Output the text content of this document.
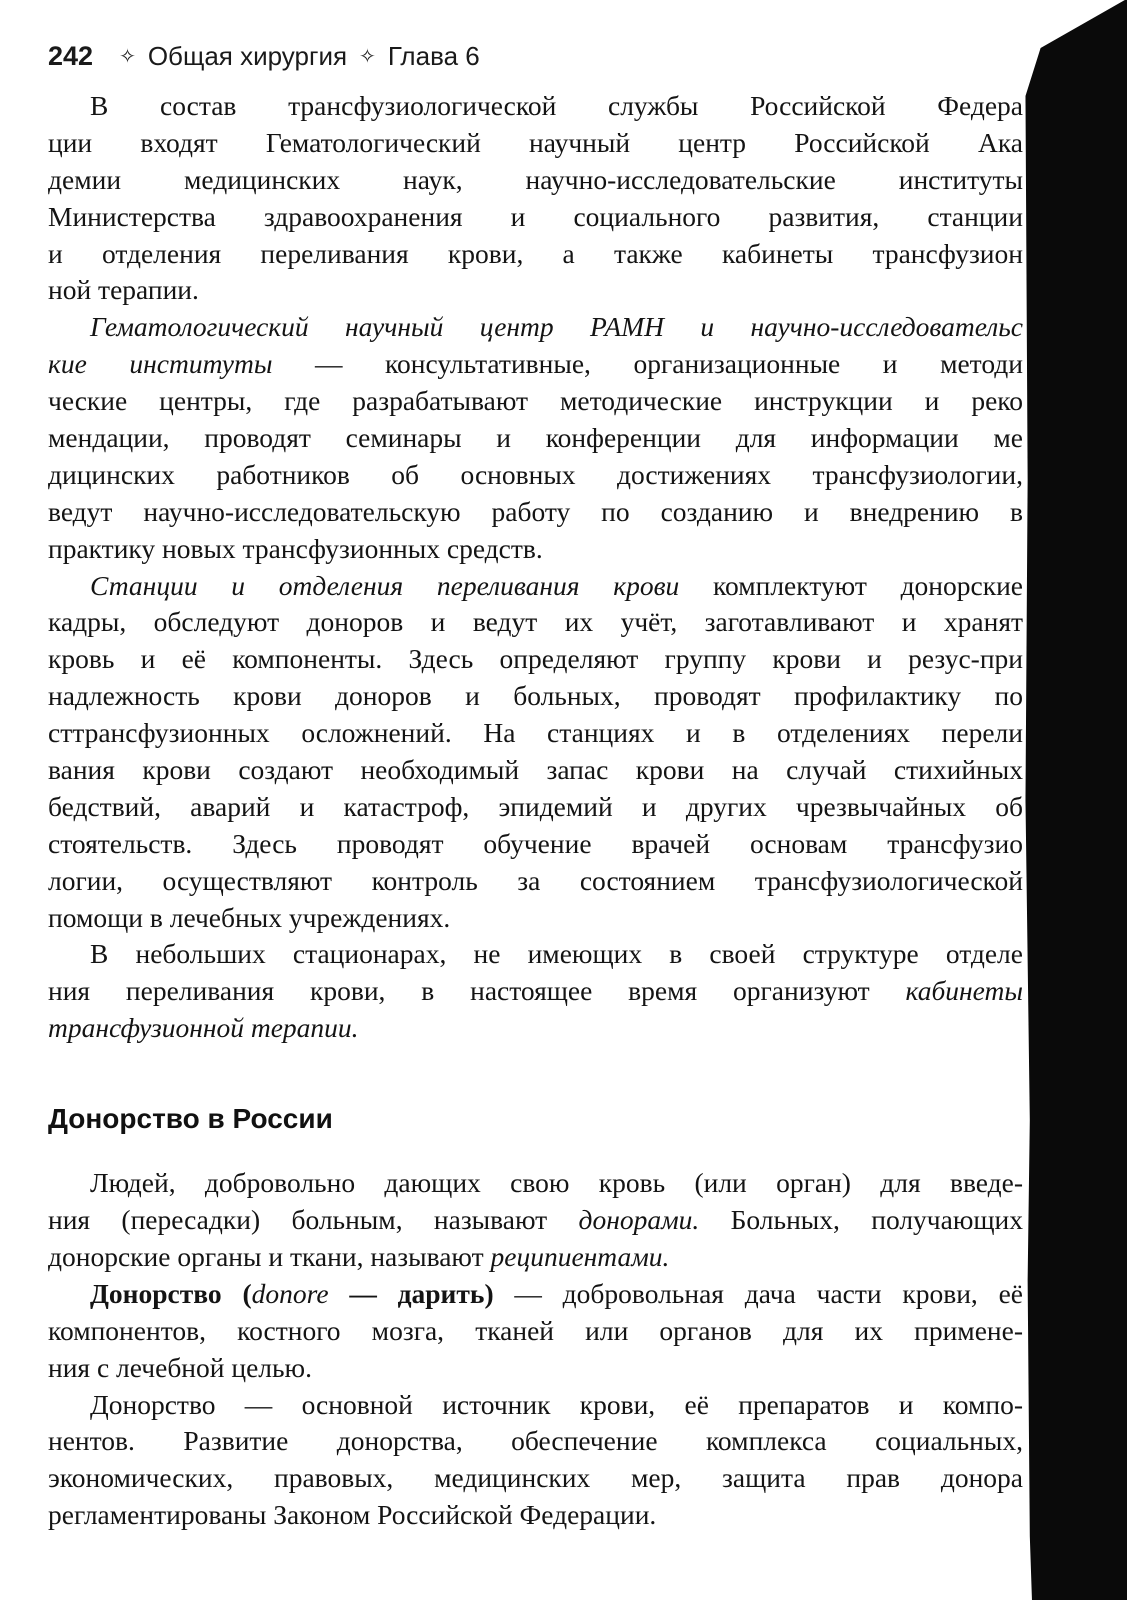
242 ✧ Общая хирургия ✧ Глава 6
В состав трансфузиологической службы Российской Федера
ции входят Гематологический научный центр Российской Ака
демии медицинских наук, научно-исследовательские институты
Министерства здравоохранения и социального развития, станции
и отделения переливания крови, а также кабинеты трансфузион
ной терапии.
Гематологический научный центр РАМН и научно-исследовательс
кие институты — консультативные, организационные и методи
ческие центры, где разрабатывают методические инструкции и реко
мендации, проводят семинары и конференции для информации ме
дицинских работников об основных достижениях трансфузиологии,
ведут научно-исследовательскую работу по созданию и внедрению в
практику новых трансфузионных средств.
Станции и отделения переливания крови комплектуют донорские
кадры, обследуют доноров и ведут их учёт, заготавливают и хранят
кровь и её компоненты. Здесь определяют группу крови и резус-при
надлежность крови доноров и больных, проводят профилактику по
сттрансфузионных осложнений. На станциях и в отделениях перели
вания крови создают необходимый запас крови на случай стихийных
бедствий, аварий и катастроф, эпидемий и других чрезвычайных об
стоятельств. Здесь проводят обучение врачей основам трансфузио
логии, осуществляют контроль за состоянием трансфузиологической
помощи в лечебных учреждениях.
В небольших стационарах, не имеющих в своей структуре отделе
ния переливания крови, в настоящее время организуют кабинеты
трансфузионной терапии.
Донорство в России
Людей, добровольно дающих свою кровь (или орган) для введе-
ния (пересадки) больным, называют донорами. Больных, получающих
донорские органы и ткани, называют реципиентами.
Донорство (donore — дарить) — добровольная дача части крови, её
компонентов, костного мозга, тканей или органов для их примене-
ния с лечебной целью.
Донорство — основной источник крови, её препаратов и компо-
нентов. Развитие донорства, обеспечение комплекса социальных,
экономических, правовых, медицинских мер, защита прав донора
регламентированы Законом Российской Федерации.
